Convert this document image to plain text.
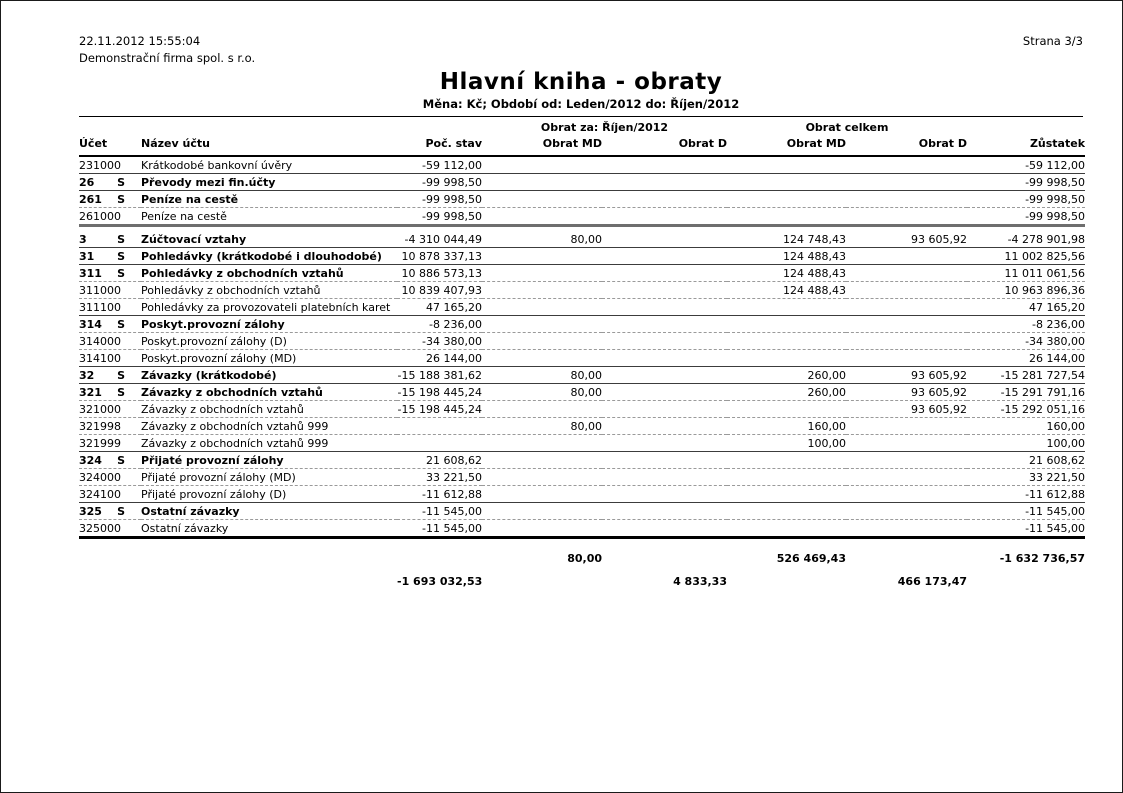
22.11.2012 15:55:04
Demonstrační firma spol. s r.o.
Strana 3/3
Hlavní kniha - obraty
Měna: Kč; Období od: Leden/2012 do: Říjen/2012
			Obrat za: Říjen/2012		Obrat celkem		
Účet	Název účtu	Poč. stav	Obrat MD	Obrat D	Obrat MD	Obrat D	Zůstatek

231000	Krátkodobé bankovní úvěry	-59 112,00					-59 112,00

26 S	Převody mezi fin.účty	-99 998,50					-99 998,50

261 S	Peníze na cestě	-99 998,50					-99 998,50

261000	Peníze na cestě	-99 998,50					-99 998,50

3 S	Zúčtovací vztahy	-4 310 044,49	80,00		124 748,43	93 605,92	-4 278 901,98

31 S	Pohledávky (krátkodobé i dlouhodobé)	10 878 337,13			124 488,43		11 002 825,56

311 S	Pohledávky z obchodních vztahů	10 886 573,13			124 488,43		11 011 061,56

311000	Pohledávky z obchodních vztahů	10 839 407,93			124 488,43		10 963 896,36

311100	Pohledávky za provozovateli platebních karet	47 165,20					47 165,20

314 S	Poskyt.provozní zálohy	-8 236,00					-8 236,00

314000	Poskyt.provozní zálohy (D)	-34 380,00					-34 380,00

314100	Poskyt.provozní zálohy (MD)	26 144,00					26 144,00

32 S	Závazky (krátkodobé)	-15 188 381,62	80,00		260,00	93 605,92	-15 281 727,54

321 S	Závazky z obchodních vztahů	-15 198 445,24	80,00		260,00	93 605,92	-15 291 791,16

321000	Závazky z obchodních vztahů	-15 198 445,24				93 605,92	-15 292 051,16

321998	Závazky z obchodních vztahů 999		80,00		160,00		160,00

321999	Závazky z obchodních vztahů 999				100,00		100,00

324 S	Přijaté provozní zálohy	21 608,62					21 608,62

324000	Přijaté provozní zálohy (MD)	33 221,50					33 221,50

324100	Přijaté provozní zálohy (D)	-11 612,88					-11 612,88

325 S	Ostatní závazky	-11 545,00					-11 545,00

325000	Ostatní závazky	-11 545,00					-11 545,00
			80,00		526 469,43		-1 632 736,57
		-1 693 032,53		4 833,33		466 173,47	
